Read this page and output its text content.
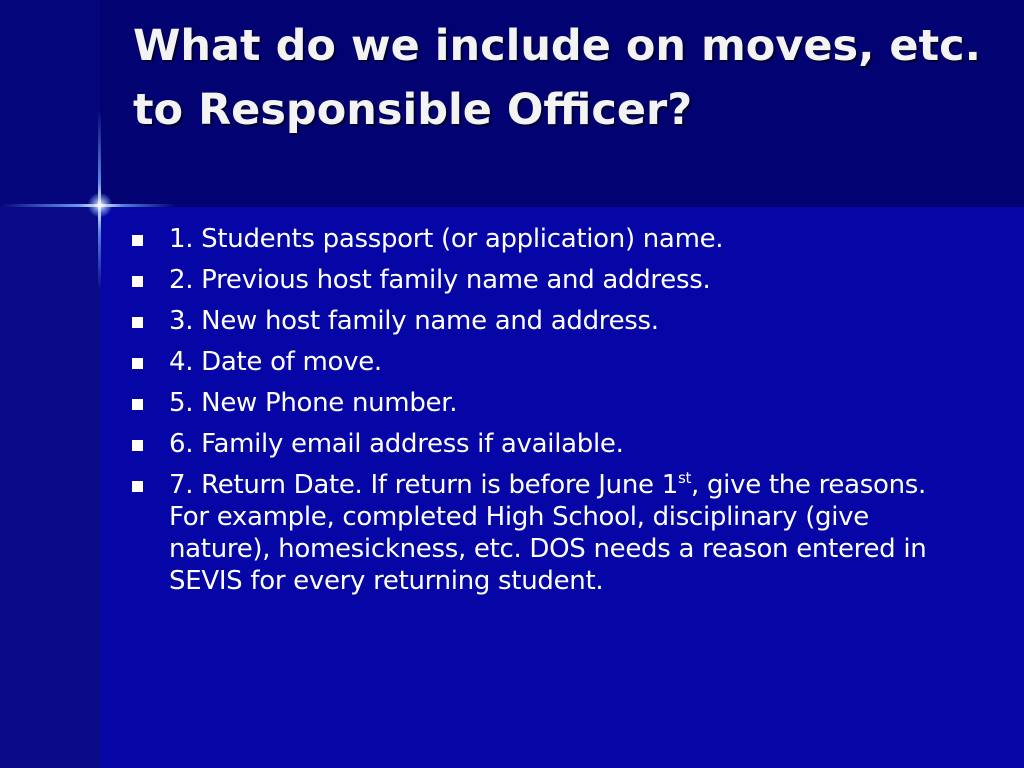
What do we include on moves, etc. to Responsible Officer?
1. Students passport (or application) name.
2. Previous host family name and address.
3. New host family name and address.
4. Date of move.
5. New Phone number.
6. Family email address if available.
7. Return Date. If return is before June 1st, give the reasons. For example, completed High School, disciplinary (give nature), homesickness, etc. DOS needs a reason entered in SEVIS for every returning student.
